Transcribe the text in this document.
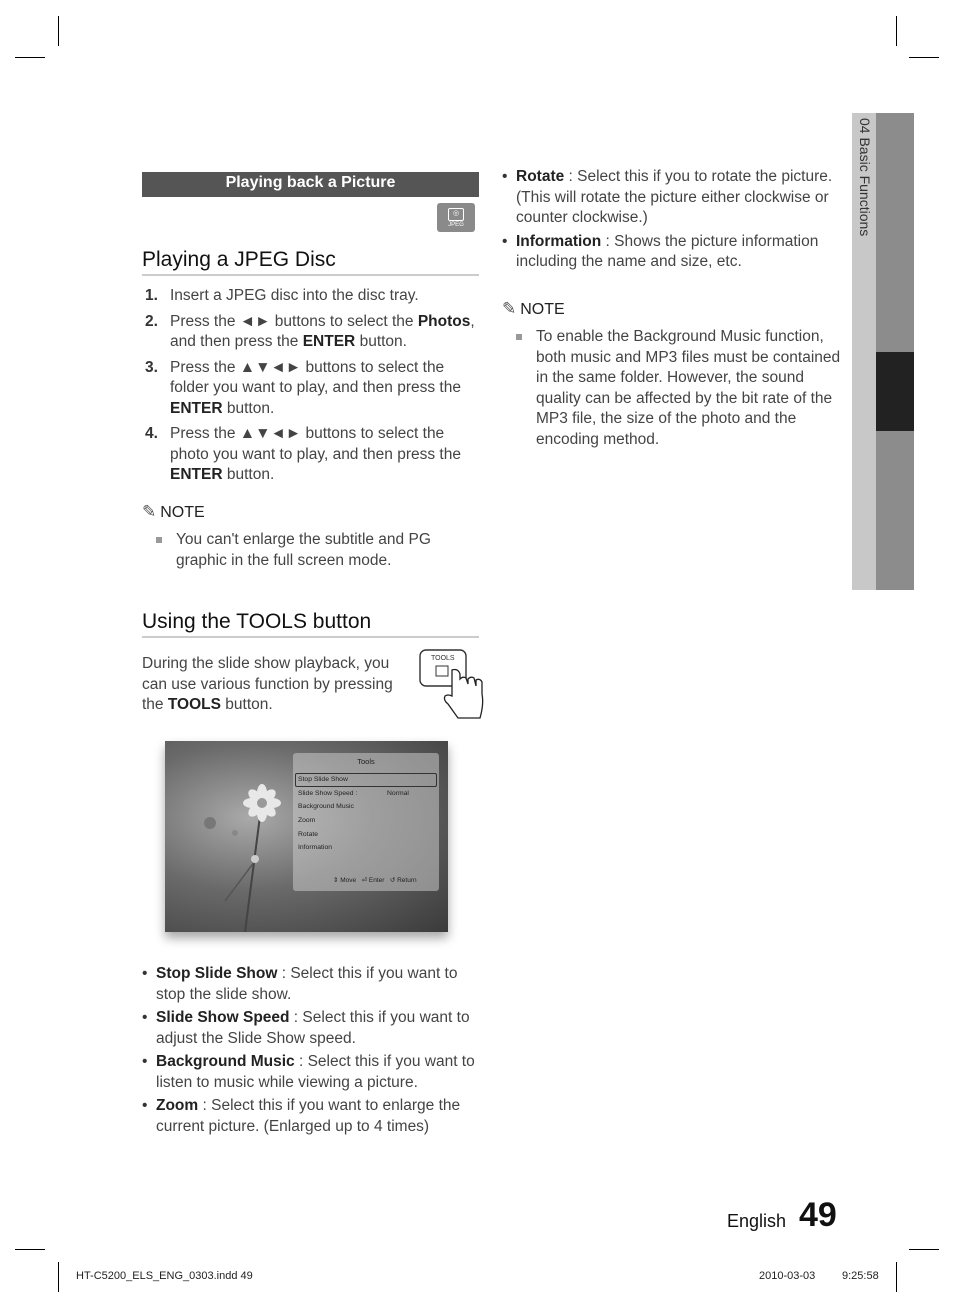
04 Basic Functions
Playing back a Picture
◎
JPEG
Playing a JPEG Disc
1. Insert a JPEG disc into the disc tray.
2. Press the ◄► buttons to select the Photos, and then press the ENTER button.
3. Press the ▲▼◄► buttons to select the folder you want to play, and then press the ENTER button.
4. Press the ▲▼◄► buttons to select the photo you want to play, and then press the ENTER button.
✎ NOTE
You can't enlarge the subtitle and PG graphic in the full screen mode.
Using the TOOLS button
During the slide show playback, you can use various function by pressing the TOOLS button.
TOOLS
Tools
Stop Slide Show
Slide Show Speed :	Normal
Background Music
Zoom
Rotate
Information
⇕ Move ⏎ Enter ↺ Return
• Stop Slide Show : Select this if you want to stop the slide show.
• Slide Show Speed : Select this if you want to adjust the Slide Show speed.
• Background Music : Select this if you want to listen to music while viewing a picture.
• Zoom : Select this if you want to enlarge the current picture. (Enlarged up to 4 times)
• Rotate : Select this if you to rotate the picture. (This will rotate the picture either clockwise or counter clockwise.)
• Information : Shows the picture information including the name and size, etc.
✎ NOTE
To enable the Background Music function, both music and MP3 files must be contained in the same folder. However, the sound quality can be affected by the bit rate of the MP3 file, the size of the photo and the encoding method.
English 49
HT-C5200_ELS_ENG_0303.indd 49	2010-03-03 9:25:58
